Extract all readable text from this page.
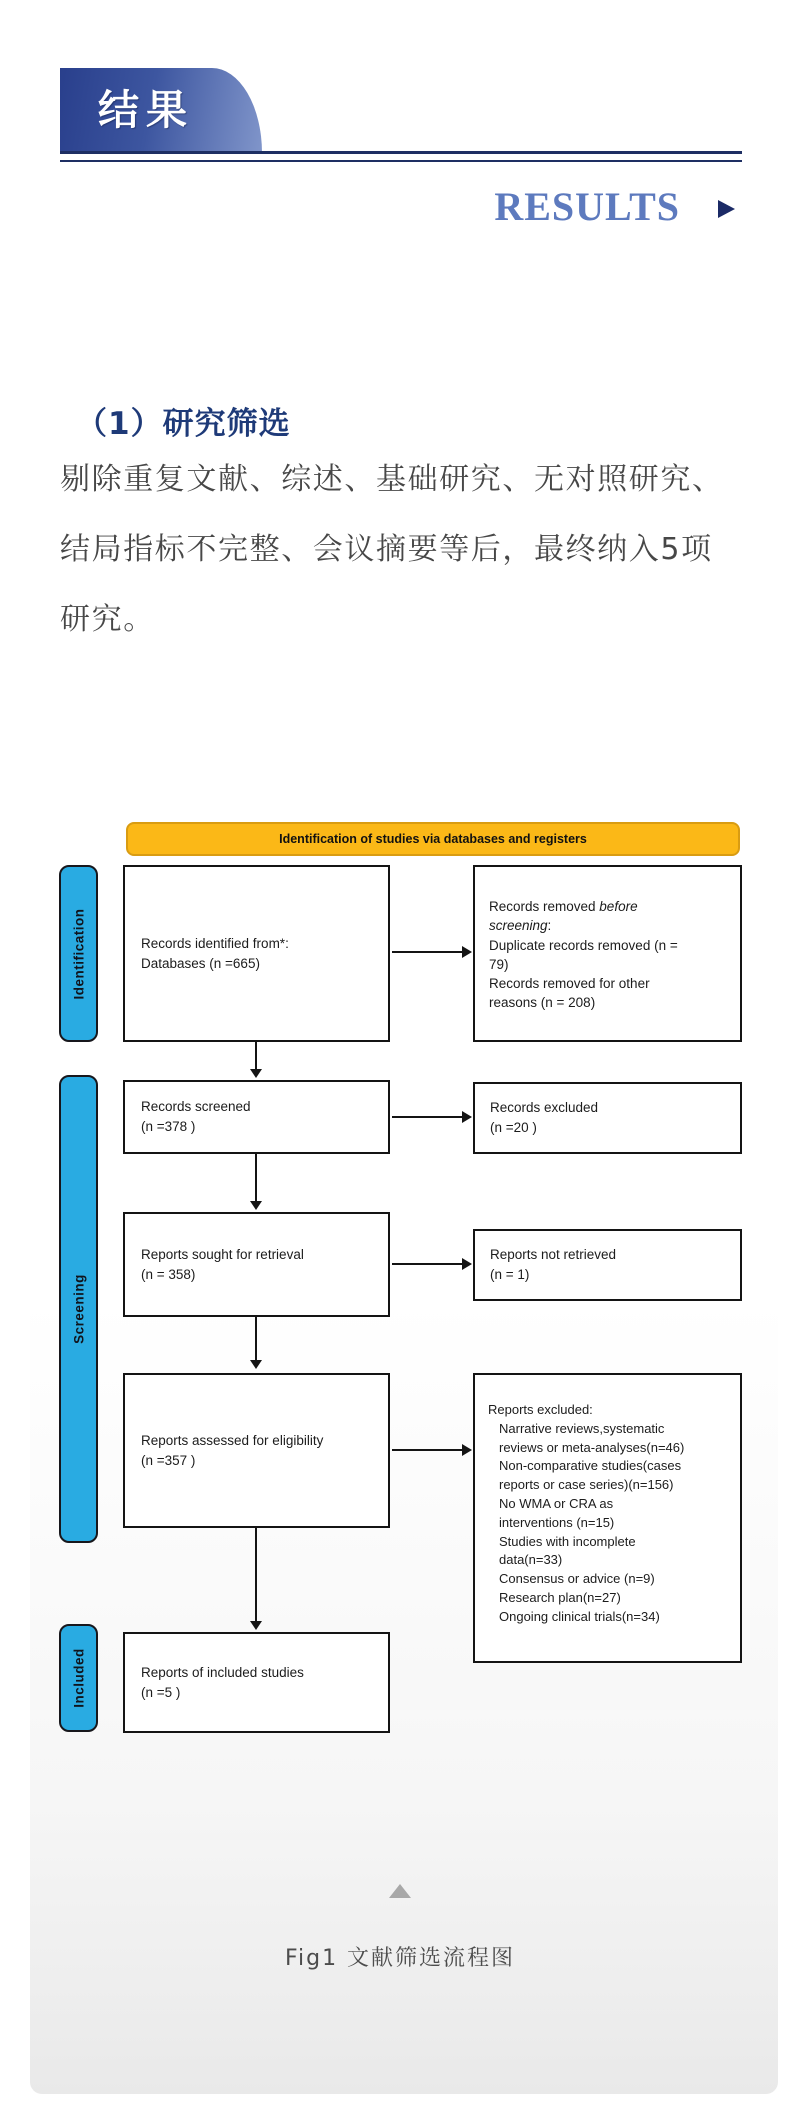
结果
RESULTS
（1）研究筛选
剔除重复文献、综述、基础研究、无对照研究、
结局指标不完整、会议摘要等后，最终纳入5项
研究。
Identification of studies via databases and registers
Identification
Screening
Included
Records identified from*:
Databases (n =665)
Records screened
(n =378 )
Reports sought for retrieval
(n = 358)
Reports assessed for eligibility
(n =357 )
Reports of included studies
(n =5 )
Records removed before
screening:
Duplicate records removed (n =
79)
Records removed for other
reasons (n = 208)
Records excluded
(n =20 )
Reports not retrieved
(n = 1)
Reports excluded:
Narrative reviews,systematic
reviews or meta-analyses(n=46)
Non-comparative studies(cases
reports or case series)(n=156)
No WMA or CRA as
interventions (n=15)
Studies with incomplete
data(n=33)
Consensus or advice (n=9)
Research plan(n=27)
Ongoing clinical trials(n=34)
Fig1 文献筛选流程图
